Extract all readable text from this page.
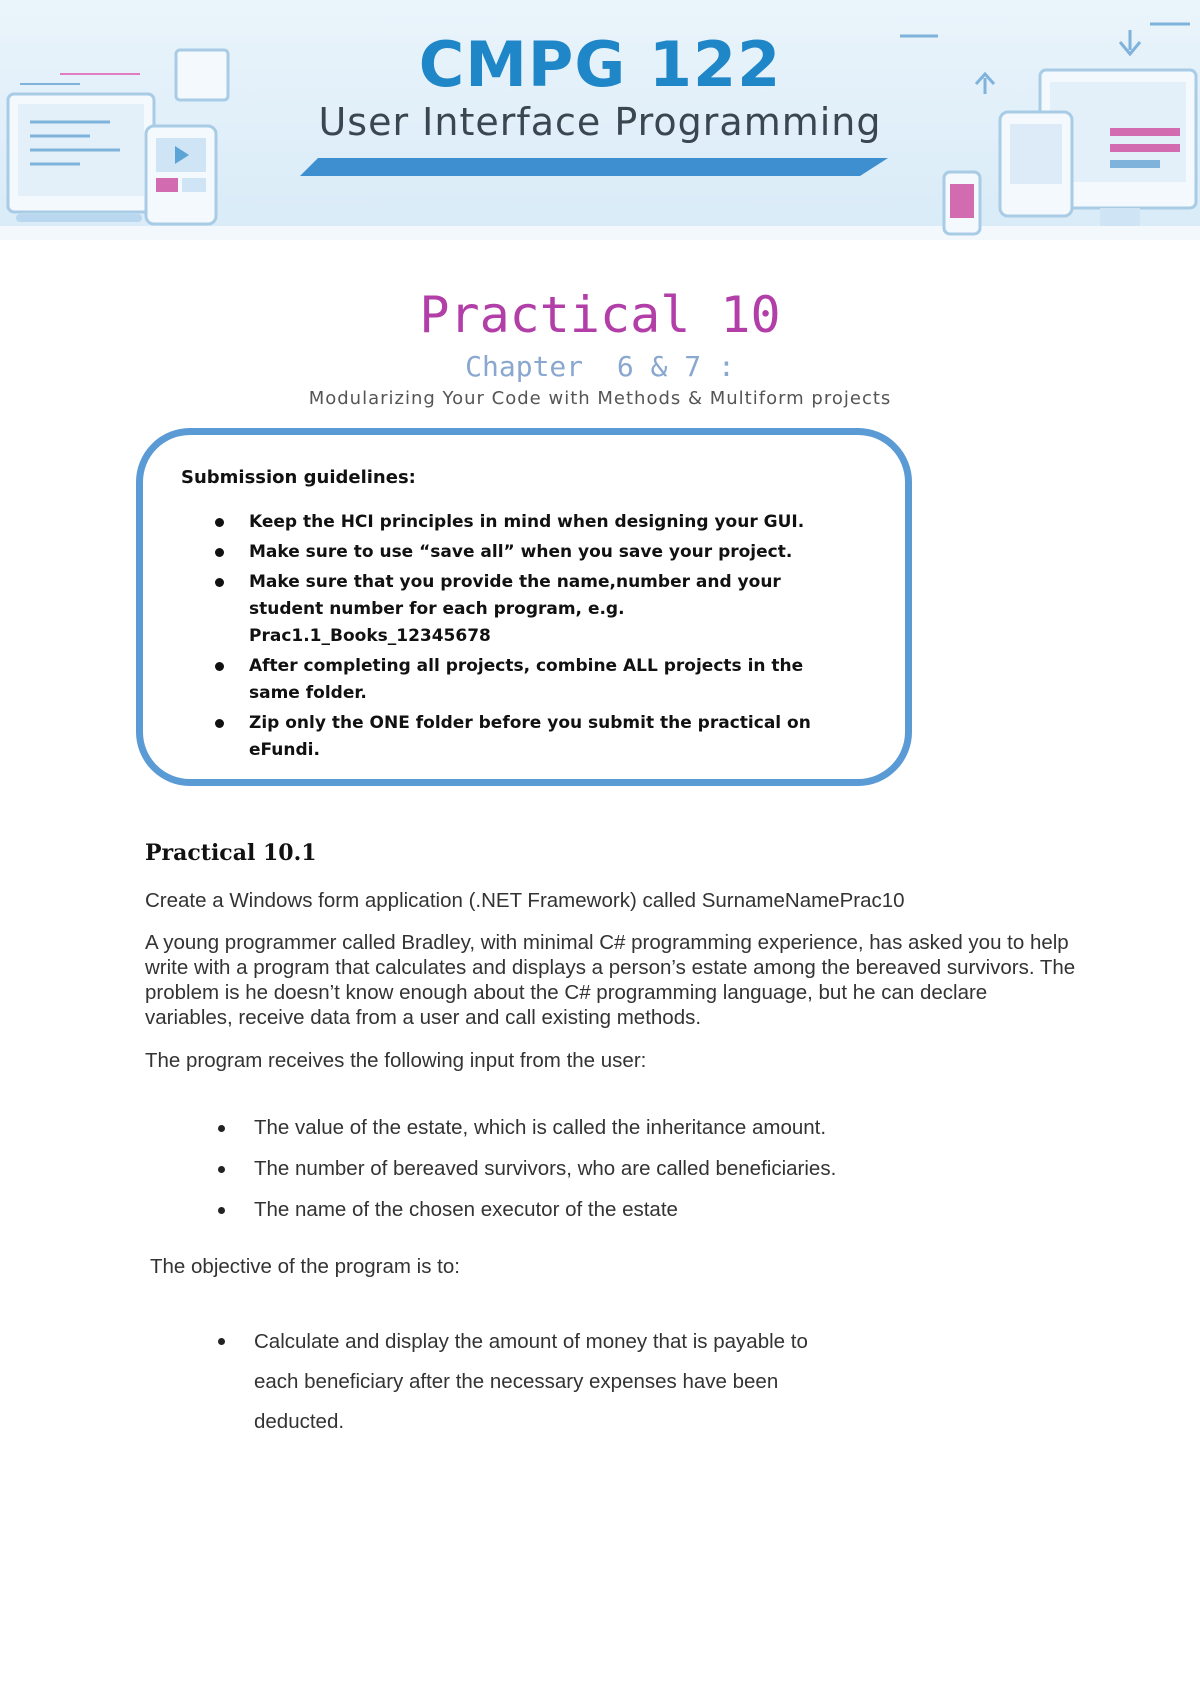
CMPG 122
User Interface Programming
Practical 10
Chapter  6 & 7 :
Modularizing Your Code with Methods & Multiform projects
Submission guidelines:
Keep the HCI principles in mind when designing your GUI.
Make sure to use “save all” when you save your project.
Make sure that you provide the name,number and your student number for each program, e.g. Prac1.1_Books_12345678
After completing all projects, combine ALL projects in the same folder.
Zip only the ONE folder before you submit the practical on eFundi.
Practical 10.1

Create a Windows form application (.NET Framework) called SurnameNamePrac10

A young programmer called Bradley, with minimal C# programming experience, has asked you to help write with a program that calculates and displays a person’s estate among the bereaved survivors. The problem is he doesn’t know enough about the C# programming language, but he can declare variables, receive data from a user and call existing methods.

The program receives the following input from the user:

The value of the estate, which is called the inheritance amount.
The number of bereaved survivors, who are called beneficiaries.
The name of the chosen executor of the estate

The objective of the program is to:

Calculate and display the amount of money that is payable to each beneficiary after the necessary expenses have been deducted.
